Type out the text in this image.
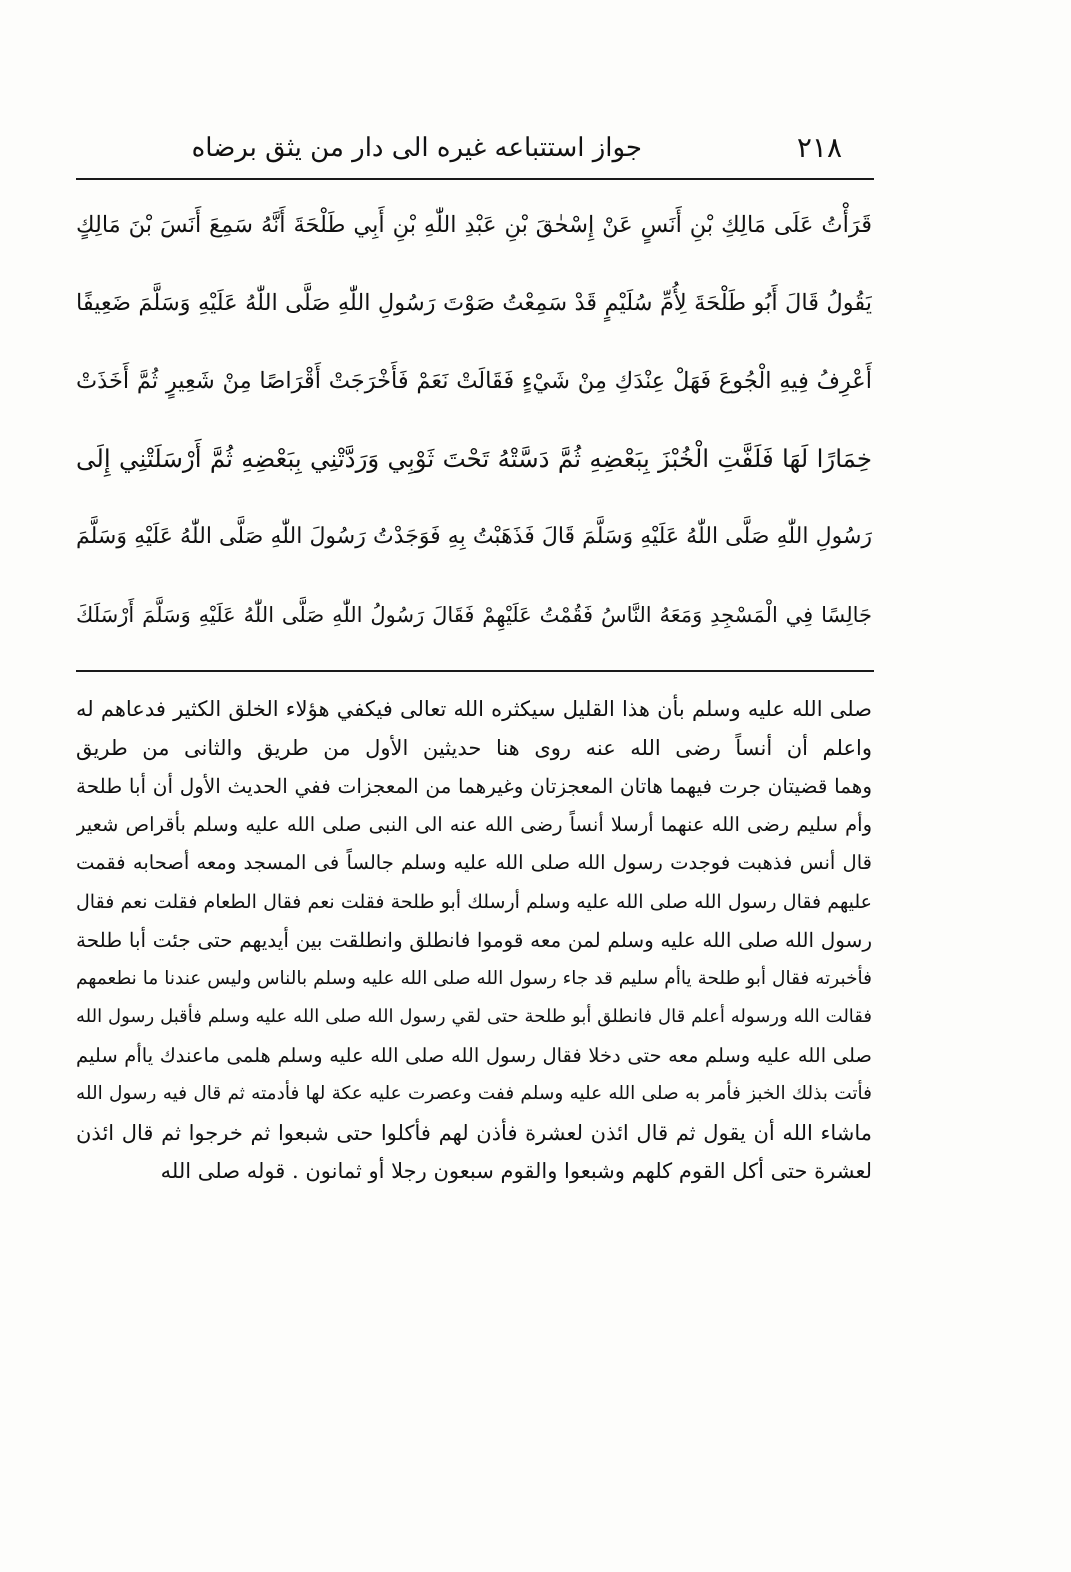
٢١٨
جواز استتباعه غيره الى دار من يثق برضاه
قَرَأْتُ عَلَى مَالِكِ بْنِ أَنَسٍ عَنْ إِسْحٰقَ بْنِ عَبْدِ اللّٰهِ بْنِ أَبِي طَلْحَةَ أَنَّهُ سَمِعَ أَنَسَ بْنَ مَالِكٍ
يَقُولُ قَالَ أَبُو طَلْحَةَ لِأُمِّ سُلَيْمٍ قَدْ سَمِعْتُ صَوْتَ رَسُولِ اللّٰهِ صَلَّى اللّٰهُ عَلَيْهِ وَسَلَّمَ ضَعِيفًا
أَعْرِفُ فِيهِ الْجُوعَ فَهَلْ عِنْدَكِ مِنْ شَيْءٍ فَقَالَتْ نَعَمْ فَأَخْرَجَتْ أَقْرَاصًا مِنْ شَعِيرٍ ثُمَّ أَخَذَتْ
خِمَارًا لَهَا فَلَفَّتِ الْخُبْزَ بِبَعْضِهِ ثُمَّ دَسَّتْهُ تَحْتَ ثَوْبِي وَرَدَّتْنِي بِبَعْضِهِ ثُمَّ أَرْسَلَتْنِي إِلَى
رَسُولِ اللّٰهِ صَلَّى اللّٰهُ عَلَيْهِ وَسَلَّمَ قَالَ فَذَهَبْتُ بِهِ فَوَجَدْتُ رَسُولَ اللّٰهِ صَلَّى اللّٰهُ عَلَيْهِ وَسَلَّمَ
جَالِسًا فِي الْمَسْجِدِ وَمَعَهُ النَّاسُ فَقُمْتُ عَلَيْهِمْ فَقَالَ رَسُولُ اللّٰهِ صَلَّى اللّٰهُ عَلَيْهِ وَسَلَّمَ أَرْسَلَكَ
صلى الله عليه وسلم بأن هذا القليل سيكثره الله تعالى فيكفي هؤلاء الخلق الكثير فدعاهم له
واعلم أن أنساً رضى الله عنه روى هنا حديثين الأول من طريق والثانى من طريق
وهما قضيتان جرت فيهما هاتان المعجزتان وغيرهما من المعجزات ففي الحديث الأول أن أبا طلحة
وأم سليم رضى الله عنهما أرسلا أنساً رضى الله عنه الى النبى صلى الله عليه وسلم بأقراص شعير
قال أنس فذهبت فوجدت رسول الله صلى الله عليه وسلم جالساً فى المسجد ومعه أصحابه فقمت
عليهم فقال رسول الله صلى الله عليه وسلم أرسلك أبو طلحة فقلت نعم فقال الطعام فقلت نعم فقال
رسول الله صلى الله عليه وسلم لمن معه قوموا فانطلق وانطلقت بين أيديهم حتى جئت أبا طلحة
فأخبرته فقال أبو طلحة ياأم سليم قد جاء رسول الله صلى الله عليه وسلم بالناس وليس عندنا ما نطعمهم
فقالت الله ورسوله أعلم قال فانطلق أبو طلحة حتى لقي رسول الله صلى الله عليه وسلم فأقبل رسول الله
صلى الله عليه وسلم معه حتى دخلا فقال رسول الله صلى الله عليه وسلم هلمى ماعندك ياأم سليم
فأتت بذلك الخبز فأمر به صلى الله عليه وسلم ففت وعصرت عليه عكة لها فأدمته ثم قال فيه رسول الله
ماشاء الله أن يقول ثم قال ائذن لعشرة فأذن لهم فأكلوا حتى شبعوا ثم خرجوا ثم قال ائذن
لعشرة حتى أكل القوم كلهم وشبعوا والقوم سبعون رجلا أو ثمانون . قوله صلى الله
